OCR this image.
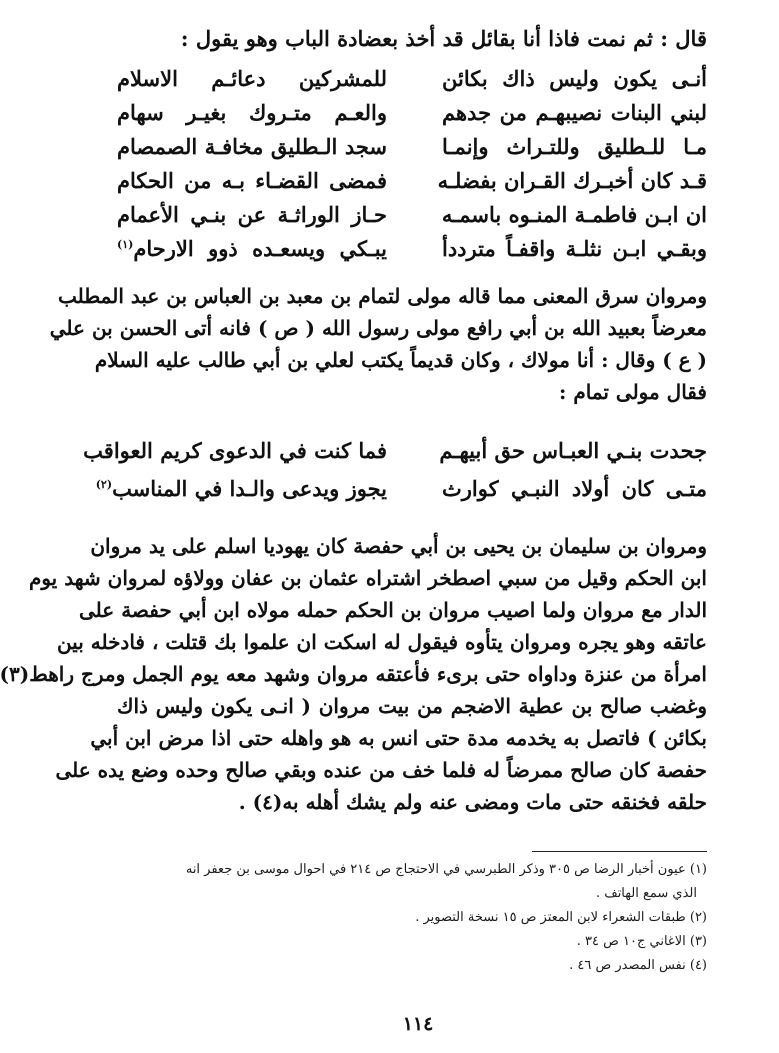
قال : ثم نمت فاذا أنا بقائل قد أخذ بعضادة الباب وهو يقول :
أنـى يكون وليس ذاك بكائن
للمشركين دعائـم الاسلام
لبني البنات نصيبهـم من جدهم
والعـم متـروك بغيـر سهام
مـا للـطليق وللتـراث وإنمـا
سجد الـطليق مخافـة الصمصام
قـد كان أخبـرك القـران بفضلـه
فمضى القضـاء بـه من الحكام
ان ابـن فاطمـة المنـوه باسمـه
حـاز الوراثـة عن بنـي الأعمام
وبقـي ابـن نثلـة واقفـاً مترددأ
يبـكي ويسعـده ذوو الارحام$^{(١)}$
ومروان سرق المعنى مما قاله مولى لتمام بن معبد بن العباس بن عبد المطلب
معرضاً بعبيد الله بن أبي رافع مولى رسول الله ( ص ) فانه أتى الحسن بن علي
( ع ) وقال : أنا مولاك ، وكان قديماً يكتب لعلي بن أبي طالب عليه السلام
فقال مولى تمام :
جحدت بنـي العبـاس حق أبيهـم
فما كنت في الدعوى كريم العواقب
متـى كان أولاد النبـي كوارث
يجوز ويدعى والـدا في المناسب$^{(٢)}$
ومروان بن سليمان بن يحيى بن أبي حفصة كان يهوديا اسلم على يد مروان
ابن الحكم وقيل من سبي اصطخر اشتراه عثمان بن عفان وولاؤه لمروان شهد يوم
الدار مع مروان ولما اصيب مروان بن الحكم حمله مولاه ابن أبي حفصة على
عاتقه وهو يجره ومروان يتأوه فيقول له اسكت ان علموا بك قتلت ، فادخله بين
امرأة من عنزة وداواه حتى برىء فأعتقه مروان وشهد معه يوم الجمل ومرج راهط(٣)
وغضب صالح بن عطية الاضجم من بيت مروان ( انـى يكون وليس ذاك
بكائن ) فاتصل به يخدمه مدة حتى انس به هو واهله حتى اذا مرض ابن أبي
حفصة كان صالح ممرضاً له فلما خف من عنده وبقي صالح وحده وضع يده على
حلقه فخنقه حتى مات ومضى عنه ولم يشك أهله به(٤) .
(١) عيون أخبار الرضا ص ٣٠٥ وذكر الطبرسي في الاحتجاج ص ٢١٤ في احوال موسى بن جعفر انه
الذي سمع الهاتف .
(٢) طبقات الشعراء لابن المعتز ص ١٥ نسخة التصوير .
(٣) الاغاني ج١٠ ص ٣٤ .
(٤) نفس المصدر ص ٤٦ .
١١٤
